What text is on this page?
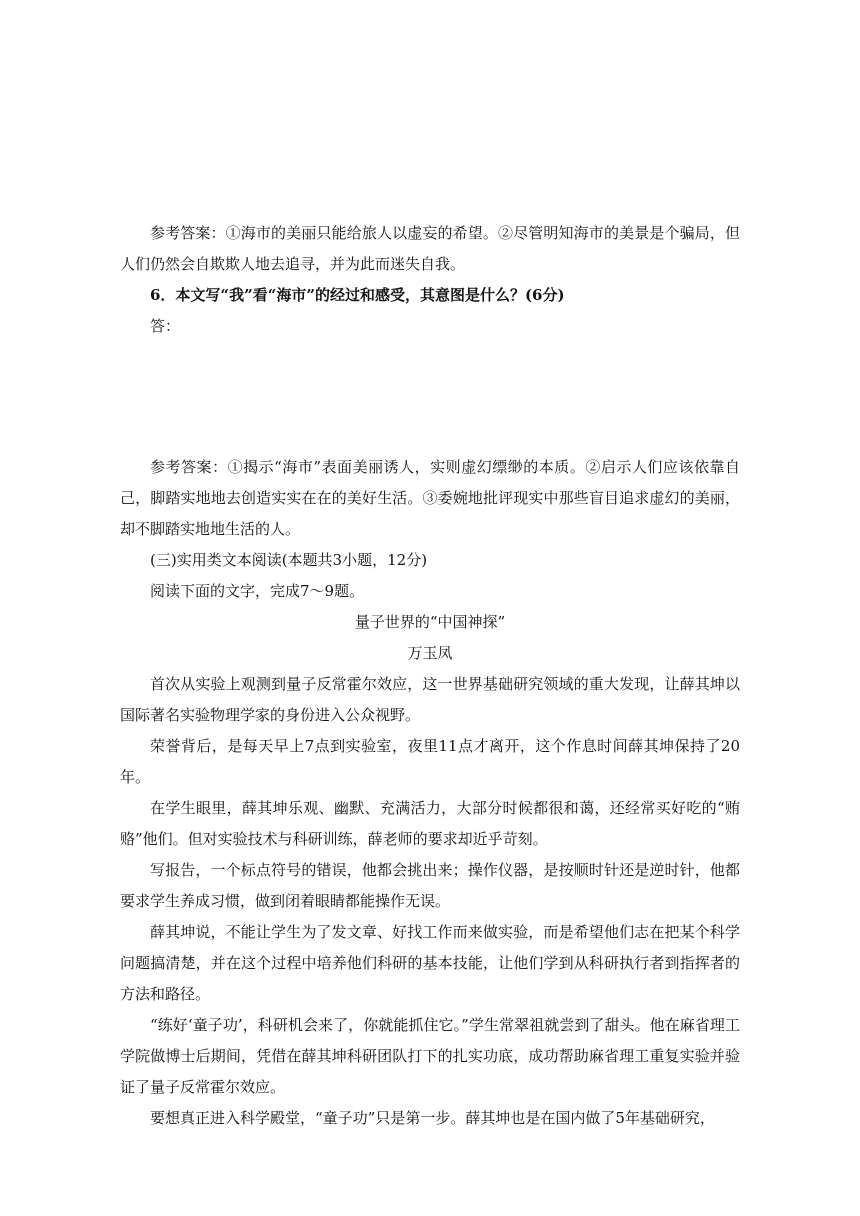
参考答案：①海市的美丽只能给旅人以虚妄的希望。②尽管明知海市的美景是个骗局，但人们仍然会自欺欺人地去追寻，并为此而迷失自我。

6．本文写“我”看“海市”的经过和感受，其意图是什么？(6分)

答：

参考答案：①揭示“海市”表面美丽诱人，实则虚幻缥缈的本质。②启示人们应该依靠自己，脚踏实地地去创造实实在在的美好生活。③委婉地批评现实中那些盲目追求虚幻的美丽，却不脚踏实地地生活的人。

(三)实用类文本阅读(本题共3小题，12分)

阅读下面的文字，完成7～9题。

量子世界的“中国神探”

万玉凤

首次从实验上观测到量子反常霍尔效应，这一世界基础研究领域的重大发现，让薛其坤以国际著名实验物理学家的身份进入公众视野。

荣誉背后，是每天早上7点到实验室，夜里11点才离开，这个作息时间薛其坤保持了20年。

在学生眼里，薛其坤乐观、幽默、充满活力，大部分时候都很和蔼，还经常买好吃的“贿赂”他们。但对实验技术与科研训练，薛老师的要求却近乎苛刻。

写报告，一个标点符号的错误，他都会挑出来；操作仪器，是按顺时针还是逆时针，他都要求学生养成习惯，做到闭着眼睛都能操作无误。

薛其坤说，不能让学生为了发文章、好找工作而来做实验，而是希望他们志在把某个科学问题搞清楚，并在这个过程中培养他们科研的基本技能，让他们学到从科研执行者到指挥者的方法和路径。

“练好‘童子功’，科研机会来了，你就能抓住它。”学生常翠祖就尝到了甜头。他在麻省理工学院做博士后期间，凭借在薛其坤科研团队打下的扎实功底，成功帮助麻省理工重复实验并验证了量子反常霍尔效应。

要想真正进入科学殿堂，“童子功”只是第一步。薛其坤也是在国内做了5年基础研究，
